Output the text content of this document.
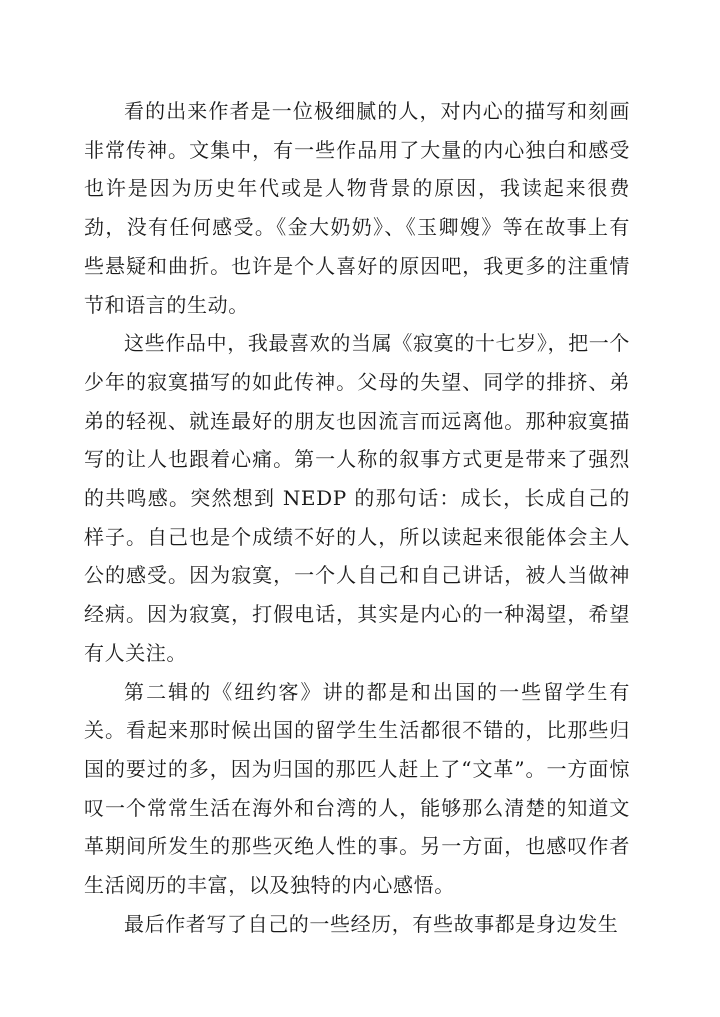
看的出来作者是一位极细腻的人，对内心的描写和刻画非常传神。文集中，有一些作品用了大量的内心独白和感受也许是因为历史年代或是人物背景的原因，我读起来很费劲，没有任何感受。《金大奶奶》、《玉卿嫂》等在故事上有些悬疑和曲折。也许是个人喜好的原因吧，我更多的注重情节和语言的生动。

这些作品中，我最喜欢的当属《寂寞的十七岁》，把一个少年的寂寞描写的如此传神。父母的失望、同学的排挤、弟弟的轻视、就连最好的朋友也因流言而远离他。那种寂寞描写的让人也跟着心痛。第一人称的叙事方式更是带来了强烈的共鸣感。突然想到 NEDP 的那句话：成长，长成自己的样子。自己也是个成绩不好的人，所以读起来很能体会主人公的感受。因为寂寞，一个人自己和自己讲话，被人当做神经病。因为寂寞，打假电话，其实是内心的一种渴望，希望有人关注。

第二辑的《纽约客》讲的都是和出国的一些留学生有关。看起来那时候出国的留学生生活都很不错的，比那些归国的要过的多，因为归国的那匹人赶上了“文革”。一方面惊叹一个常常生活在海外和台湾的人，能够那么清楚的知道文革期间所发生的那些灭绝人性的事。另一方面，也感叹作者生活阅历的丰富，以及独特的内心感悟。

最后作者写了自己的一些经历，有些故事都是身边发生
